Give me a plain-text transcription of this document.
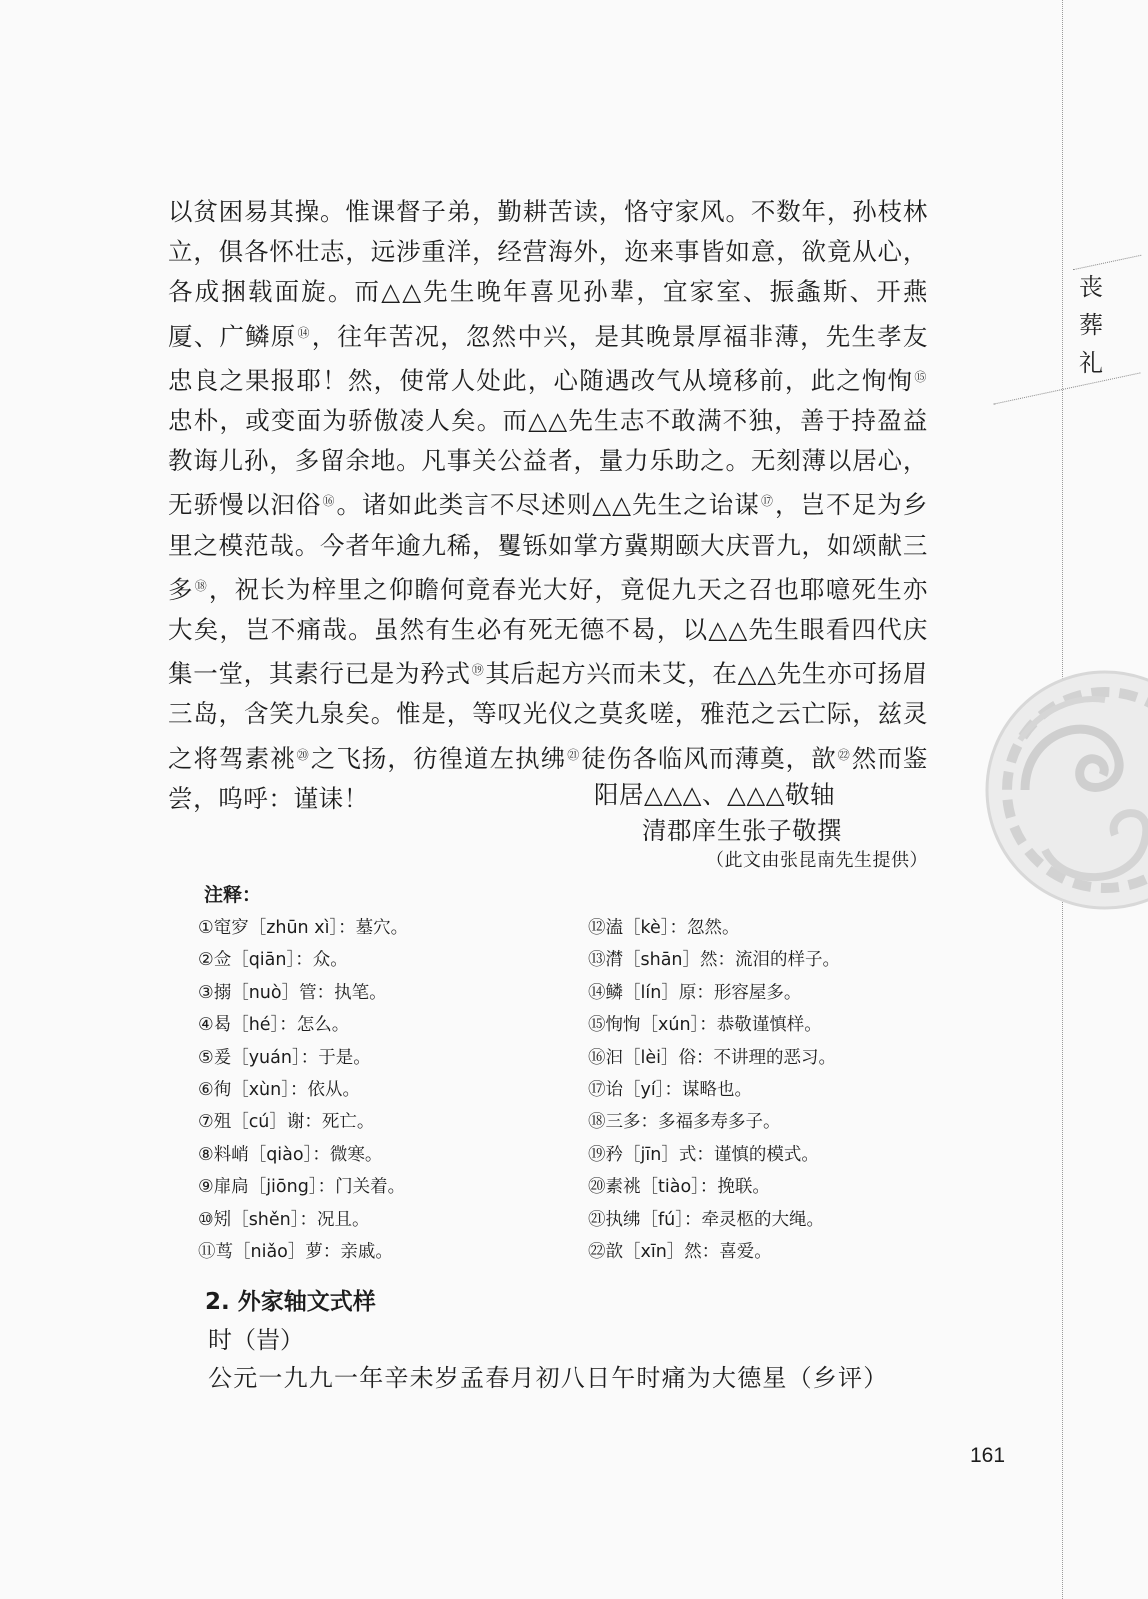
丧
葬
礼

以贫困易其操。惟课督子弟，勤耕苦读，恪守家风。不数年，孙枝林立，俱各怀壮志，远涉重洋，经营海外，迩来事皆如意，欲竟从心，各成捆载面旋。而△△先生晚年喜见孙辈，宜家室、振螽斯、开燕厦、广鳞原⑭，往年苦况，忽然中兴，是其晚景厚福非薄，先生孝友忠良之果报耶！然，使常人处此，心随遇改气从境移前，此之恂恂⑮忠朴，或变面为骄傲凌人矣。而△△先生志不敢满不独，善于持盈益教诲儿孙，多留余地。凡事关公益者，量力乐助之。无刻薄以居心，无骄慢以汩俗⑯。诸如此类言不尽述则△△先生之诒谋⑰，岂不足为乡里之模范哉。今者年逾九稀，矍铄如掌方冀期颐大庆晋九，如颂献三多⑱，祝长为梓里之仰瞻何竟春光大好，竟促九天之召也耶噫死生亦大矣，岂不痛哉。虽然有生必有死无德不曷，以△△先生眼看四代庆集一堂，其素行已是为矜式⑲其后起方兴而未艾，在△△先生亦可扬眉三岛，含笑九泉矣。惟是，等叹光仪之莫炙嗟，雅范之云亡际，兹灵之将驾素祧⑳之飞扬，彷徨道左执绋$^㉑$徒伤各临风而薄奠，歆$^㉒$然而鉴尝，呜呼：谨诔！	阳居△△△、△△△敬轴
清郡庠生张子敬撰
（此文由张昆南先生提供）
注释：
①窀穸［zhūn xì］：墓穴。
②佥［qiān］：众。
③搦［nuò］管：执笔。
④曷［hé］：怎么。
⑤爰［yuán］：于是。
⑥徇［xùn］：依从。
⑦殂［cú］谢：死亡。
⑧料峭［qiào］：微寒。
⑨扉扃［jiōng］：门关着。
⑩矧［shěn］：况且。
⑪茑［niǎo］萝：亲戚。
⑫溘［kè］：忽然。
⑬潸［shān］然：流泪的样子。
⑭鳞［lín］原：形容屋多。
⑮恂恂［xún］：恭敬谨慎样。
⑯汩［lèi］俗：不讲理的恶习。
⑰诒［yí］：谋略也。
⑱三多：多福多寿多子。
⑲矜［jīn］式：谨慎的模式。
⑳素祧［tiào］：挽联。
㉑执绋［fú］：牵灵柩的大绳。
㉒歆［xīn］然：喜爱。
2. 外家轴文式样
时（旹）
公元一九九一年辛未岁孟春月初八日午时痛为大德星（乡评）
161
